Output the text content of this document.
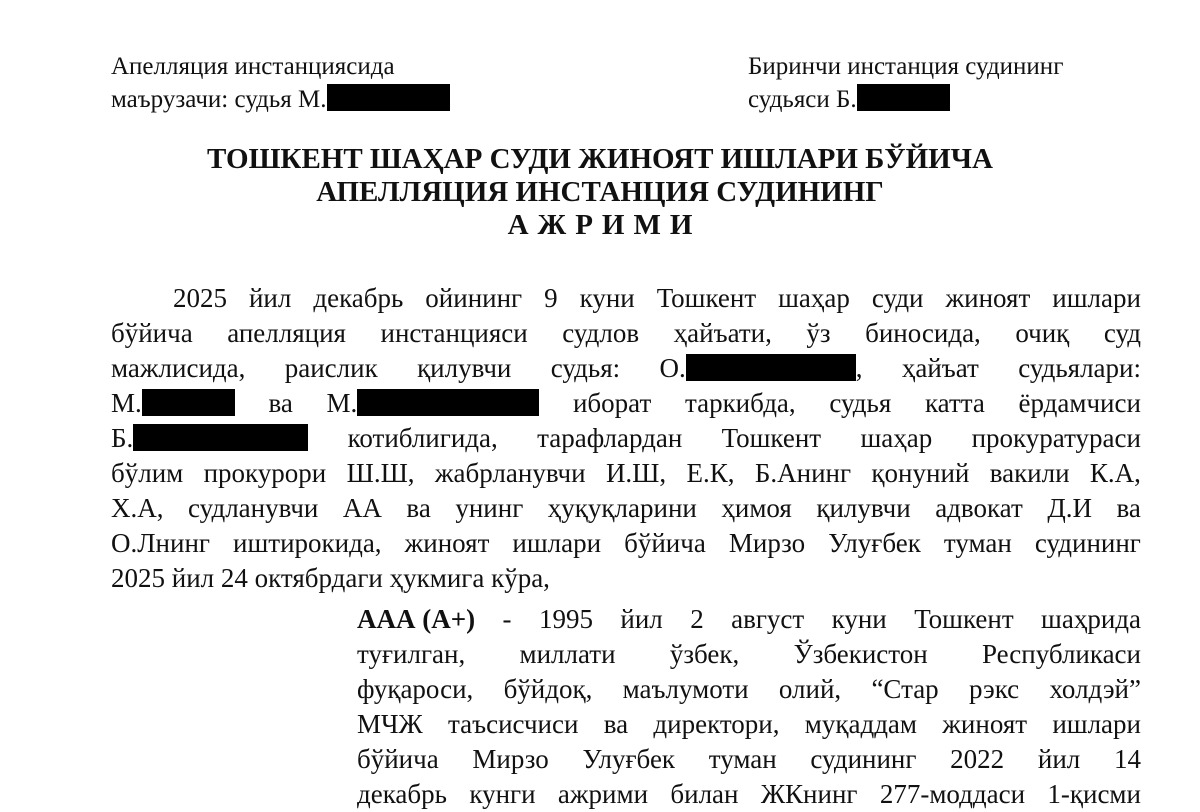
Апелляция инстанциясида
маърузачи: судья М.
Биринчи инстанция судининг
судьяси Б.
ТОШКЕНТ ШАҲАР СУДИ ЖИНОЯТ ИШЛАРИ БЎЙИЧА
АПЕЛЛЯЦИЯ ИНСТАНЦИЯ СУДИНИНГ
АЖРИМИ
2025 йил декабрь ойининг 9 куни Тошкент шаҳар суди жиноят ишлари
бўйича апелляция инстанцияси судлов ҳайъати, ўз биносида, очиқ суд
мажлисида, раислик қилувчи судья: О.	, ҳайъат судьялари:
М.	ва М.	иборат таркибда, судья катта ёрдамчиси
Б.	котиблигида, тарафлардан Тошкент шаҳар прокуратураси
бўлим прокурори Ш.Ш, жабрланувчи И.Ш, Е.К, Б.Анинг қонуний вакили К.А,
Х.А, судланувчи АА ва унинг ҳуқуқларини ҳимоя қилувчи адвокат Д.И ва
О.Лнинг иштирокида, жиноят ишлари бўйича Мирзо Улуғбек туман судининг
2025 йил 24 октябрдаги ҳукмига кўра,
ААА (А+) - 1995 йил 2 август куни Тошкент шаҳрида
туғилган, миллати ўзбек, Ўзбекистон Республикаси
фуқароси, бўйдоқ, маълумоти олий, “Стар рэкс холдэй”
МЧЖ таъсисчиси ва директори, муқаддам жиноят ишлари
бўйича Мирзо Улуғбек туман судининг 2022 йил 14
декабрь кунги ажрими билан ЖКнинг 277-моддаси 1-қисми
